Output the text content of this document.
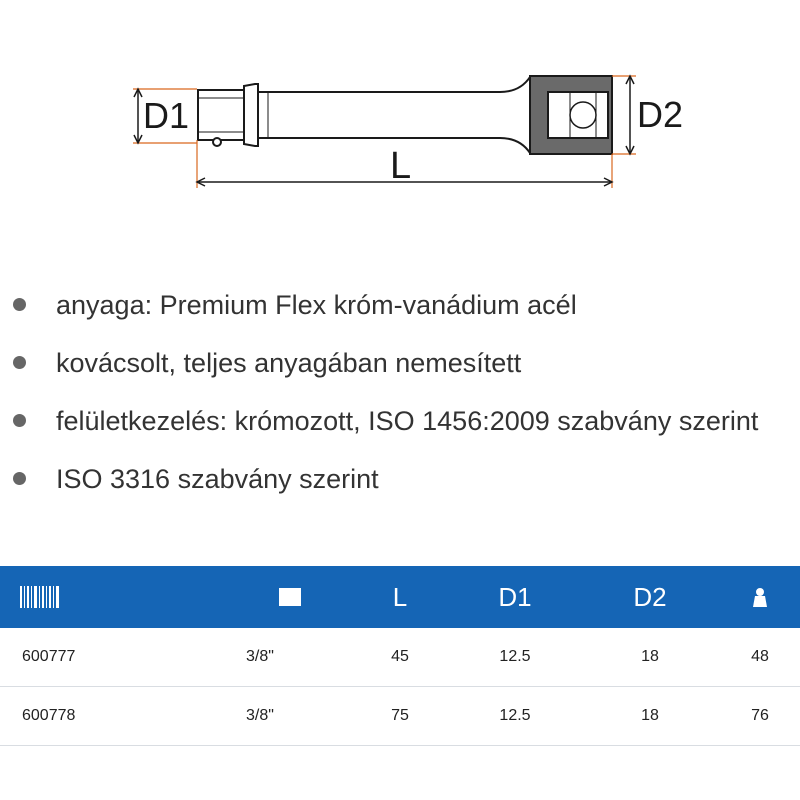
D1	D2
L
anyaga: Premium Flex króm-vanádium acél
kovácsolt, teljes anyagában nemesített
felületkezelés: krómozott, ISO 1456:2009 szabvány szerint
ISO 3316 szabvány szerint
L	D1	D2
600777	3/8"	45	12.5	18	48
600778	3/8"	75	12.5	18	76
